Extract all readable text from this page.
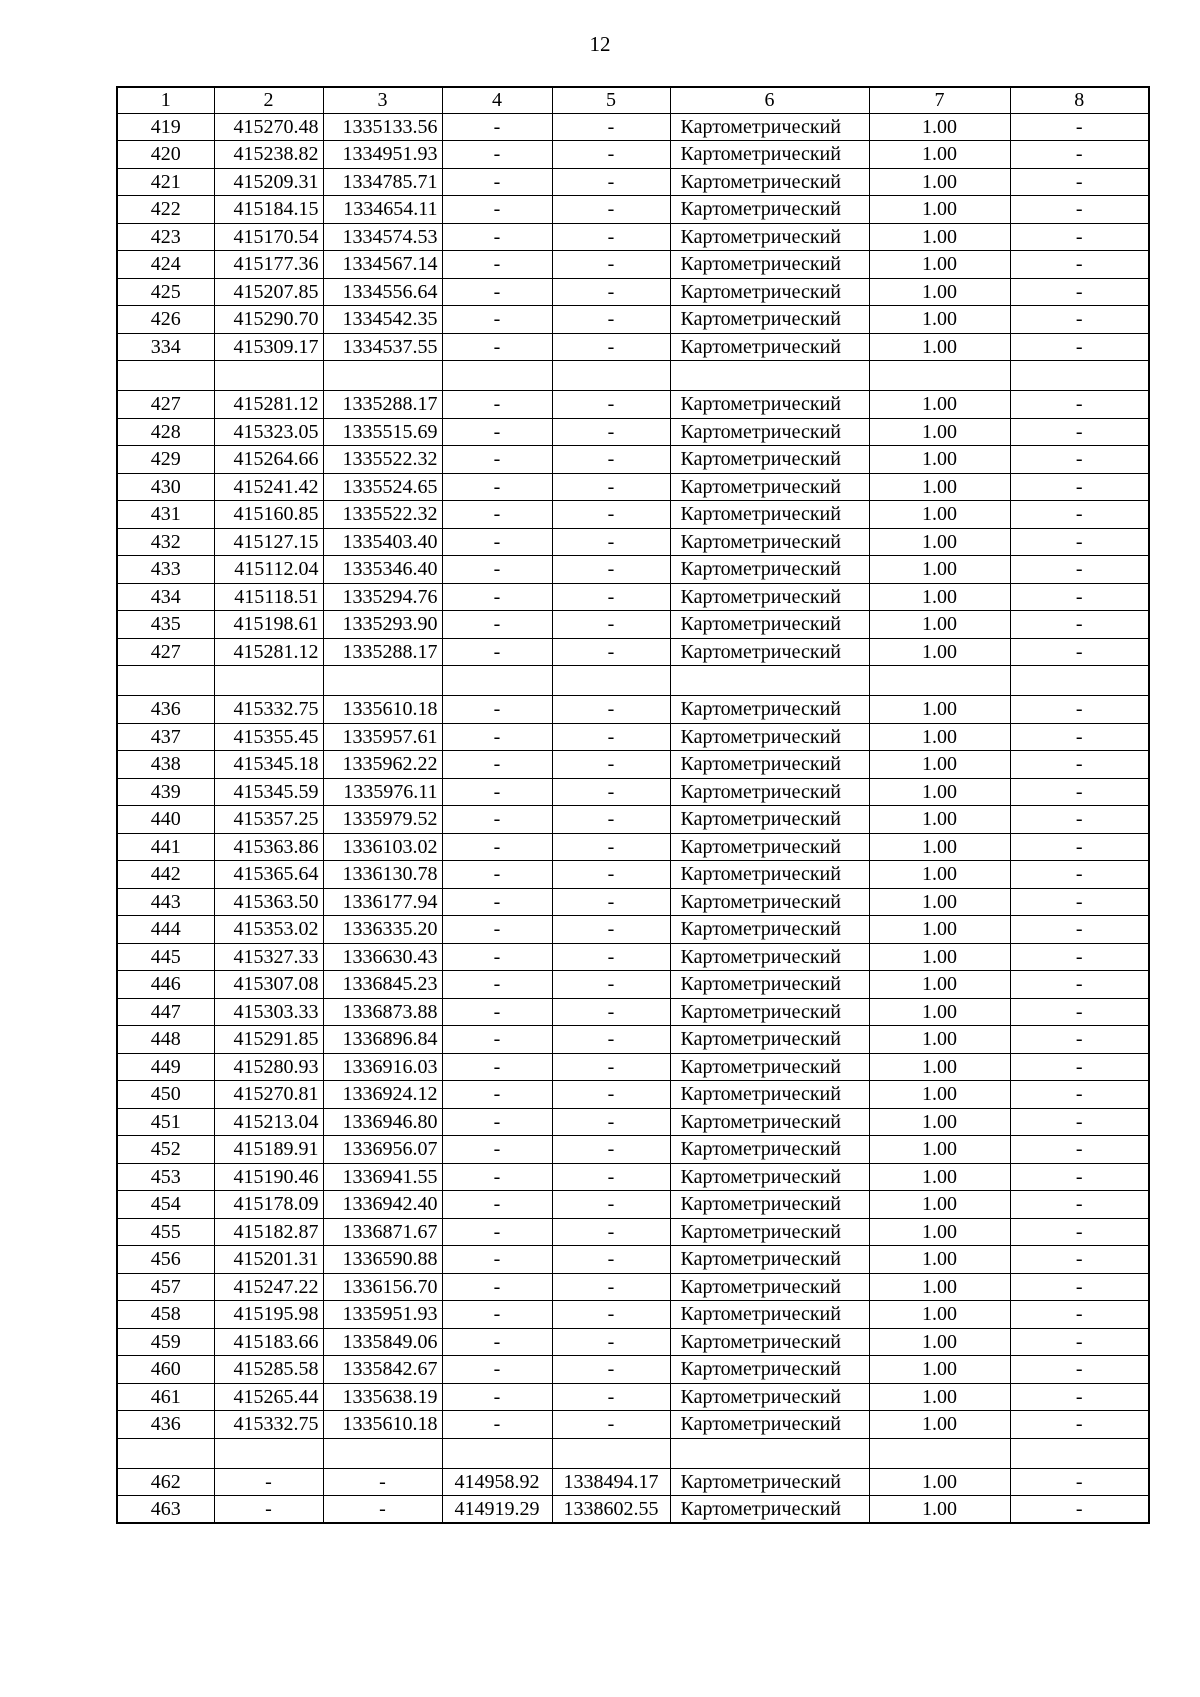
12
1	2	3	4	5	6	7	8
419	415270.48	1335133.56	-	-	Картометрический	1.00	-
420	415238.82	1334951.93	-	-	Картометрический	1.00	-
421	415209.31	1334785.71	-	-	Картометрический	1.00	-
422	415184.15	1334654.11	-	-	Картометрический	1.00	-
423	415170.54	1334574.53	-	-	Картометрический	1.00	-
424	415177.36	1334567.14	-	-	Картометрический	1.00	-
425	415207.85	1334556.64	-	-	Картометрический	1.00	-
426	415290.70	1334542.35	-	-	Картометрический	1.00	-
334	415309.17	1334537.55	-	-	Картометрический	1.00	-

427	415281.12	1335288.17	-	-	Картометрический	1.00	-
428	415323.05	1335515.69	-	-	Картометрический	1.00	-
429	415264.66	1335522.32	-	-	Картометрический	1.00	-
430	415241.42	1335524.65	-	-	Картометрический	1.00	-
431	415160.85	1335522.32	-	-	Картометрический	1.00	-
432	415127.15	1335403.40	-	-	Картометрический	1.00	-
433	415112.04	1335346.40	-	-	Картометрический	1.00	-
434	415118.51	1335294.76	-	-	Картометрический	1.00	-
435	415198.61	1335293.90	-	-	Картометрический	1.00	-
427	415281.12	1335288.17	-	-	Картометрический	1.00	-

436	415332.75	1335610.18	-	-	Картометрический	1.00	-
437	415355.45	1335957.61	-	-	Картометрический	1.00	-
438	415345.18	1335962.22	-	-	Картометрический	1.00	-
439	415345.59	1335976.11	-	-	Картометрический	1.00	-
440	415357.25	1335979.52	-	-	Картометрический	1.00	-
441	415363.86	1336103.02	-	-	Картометрический	1.00	-
442	415365.64	1336130.78	-	-	Картометрический	1.00	-
443	415363.50	1336177.94	-	-	Картометрический	1.00	-
444	415353.02	1336335.20	-	-	Картометрический	1.00	-
445	415327.33	1336630.43	-	-	Картометрический	1.00	-
446	415307.08	1336845.23	-	-	Картометрический	1.00	-
447	415303.33	1336873.88	-	-	Картометрический	1.00	-
448	415291.85	1336896.84	-	-	Картометрический	1.00	-
449	415280.93	1336916.03	-	-	Картометрический	1.00	-
450	415270.81	1336924.12	-	-	Картометрический	1.00	-
451	415213.04	1336946.80	-	-	Картометрический	1.00	-
452	415189.91	1336956.07	-	-	Картометрический	1.00	-
453	415190.46	1336941.55	-	-	Картометрический	1.00	-
454	415178.09	1336942.40	-	-	Картометрический	1.00	-
455	415182.87	1336871.67	-	-	Картометрический	1.00	-
456	415201.31	1336590.88	-	-	Картометрический	1.00	-
457	415247.22	1336156.70	-	-	Картометрический	1.00	-
458	415195.98	1335951.93	-	-	Картометрический	1.00	-
459	415183.66	1335849.06	-	-	Картометрический	1.00	-
460	415285.58	1335842.67	-	-	Картометрический	1.00	-
461	415265.44	1335638.19	-	-	Картометрический	1.00	-
436	415332.75	1335610.18	-	-	Картометрический	1.00	-

462	-	-	414958.92	1338494.17	Картометрический	1.00	-
463	-	-	414919.29	1338602.55	Картометрический	1.00	-
